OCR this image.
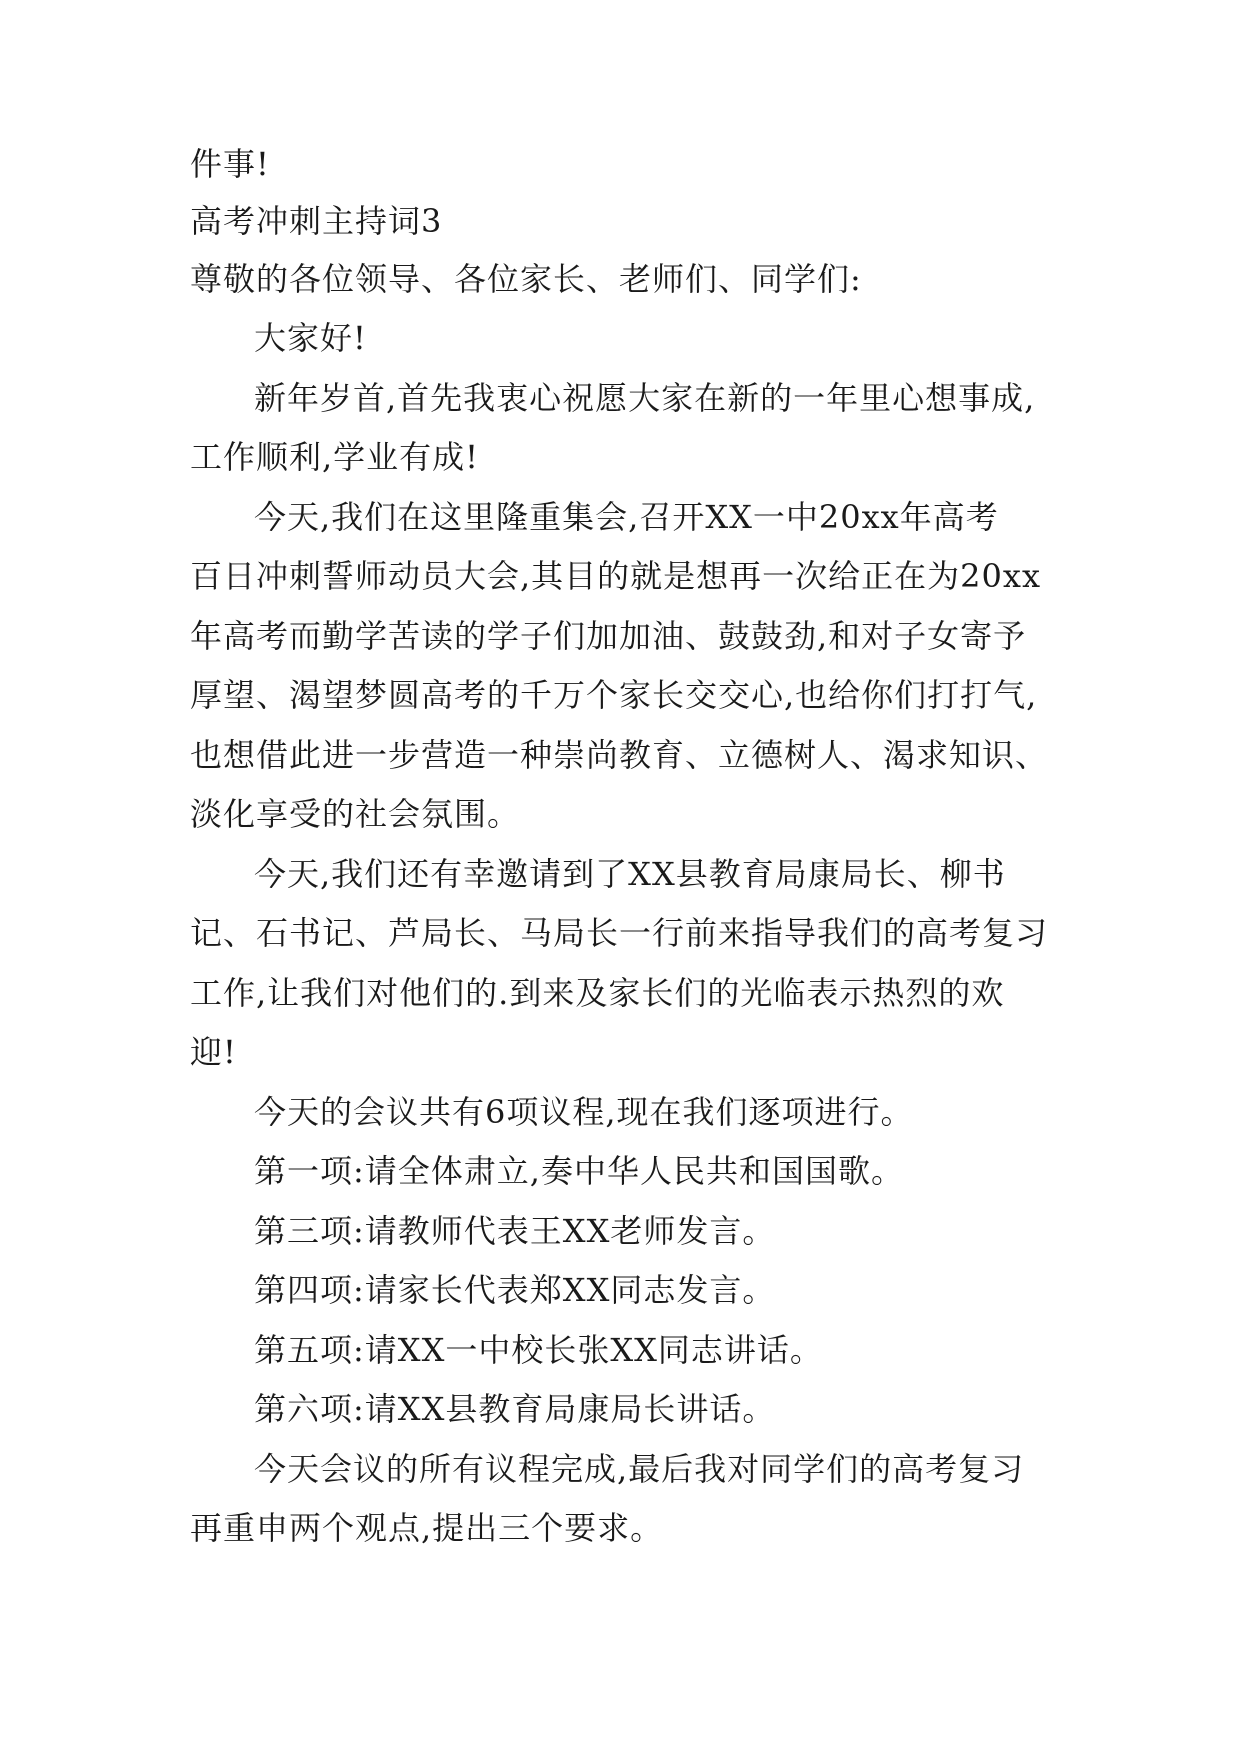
件事!
高考冲刺主持词3
尊敬的各位领导、各位家长、老师们、同学们:
大家好!
新年岁首,首先我衷心祝愿大家在新的一年里心想事成,
工作顺利,学业有成!
今天,我们在这里隆重集会,召开XX一中20xx年高考
百日冲刺誓师动员大会,其目的就是想再一次给正在为20xx
年高考而勤学苦读的学子们加加油、鼓鼓劲,和对子女寄予
厚望、渴望梦圆高考的千万个家长交交心,也给你们打打气,
也想借此进一步营造一种崇尚教育、立德树人、渴求知识、
淡化享受的社会氛围。
今天,我们还有幸邀请到了XX县教育局康局长、柳书
记、石书记、芦局长、马局长一行前来指导我们的高考复习
工作,让我们对他们的.到来及家长们的光临表示热烈的欢
迎!
今天的会议共有6项议程,现在我们逐项进行。
第一项:请全体肃立,奏中华人民共和国国歌。
第三项:请教师代表王XX老师发言。
第四项:请家长代表郑XX同志发言。
第五项:请XX一中校长张XX同志讲话。
第六项:请XX县教育局康局长讲话。
今天会议的所有议程完成,最后我对同学们的高考复习
再重申两个观点,提出三个要求。
